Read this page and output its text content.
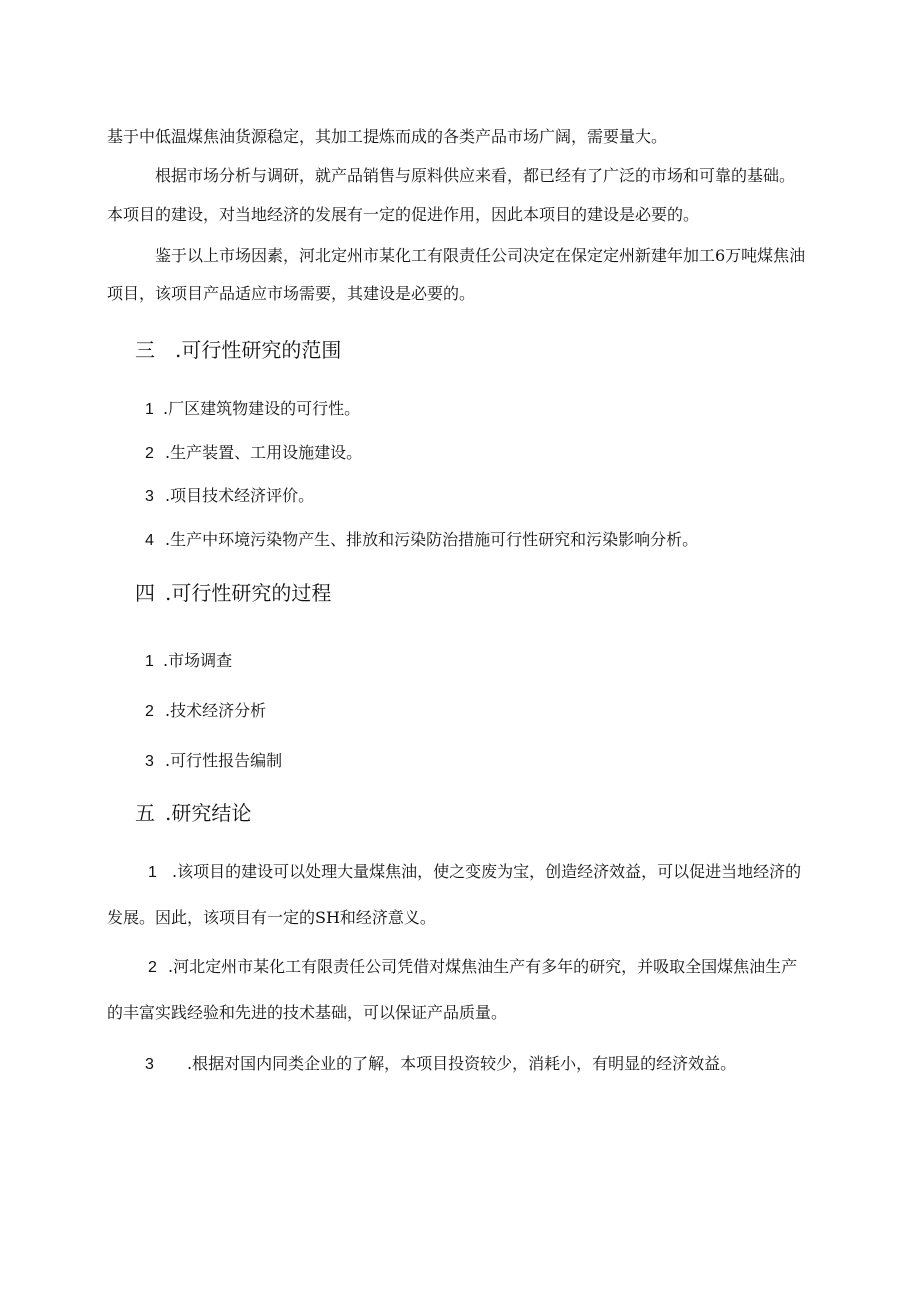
基于中低温煤焦油货源稳定，其加工提炼而成的各类产品市场广阔，需要量大。
根据市场分析与调研，就产品销售与原料供应来看，都已经有了广泛的市场和可靠的基础。
本项目的建设，对当地经济的发展有一定的促进作用，因此本项目的建设是必要的。
鉴于以上市场因素，河北定州市某化工有限责任公司决定在保定定州新建年加工6万吨煤焦油
项目，该项目产品适应市场需要，其建设是必要的。
三 .可行性研究的范围
1 .厂区建筑物建设的可行性。
2 .生产装置、工用设施建设。
3 .项目技术经济评价。
4 .生产中环境污染物产生、排放和污染防治措施可行性研究和污染影响分析。
四 .可行性研究的过程
1 .市场调查
2 .技术经济分析
3 .可行性报告编制
五 .研究结论
1 .该项目的建设可以处理大量煤焦油，使之变废为宝，创造经济效益，可以促进当地经济的
发展。因此，该项目有一定的SH和经济意义。
2 .河北定州市某化工有限责任公司凭借对煤焦油生产有多年的研究，并吸取全国煤焦油生产
的丰富实践经验和先进的技术基础，可以保证产品质量。
3 .根据对国内同类企业的了解，本项目投资较少，消耗小，有明显的经济效益。
